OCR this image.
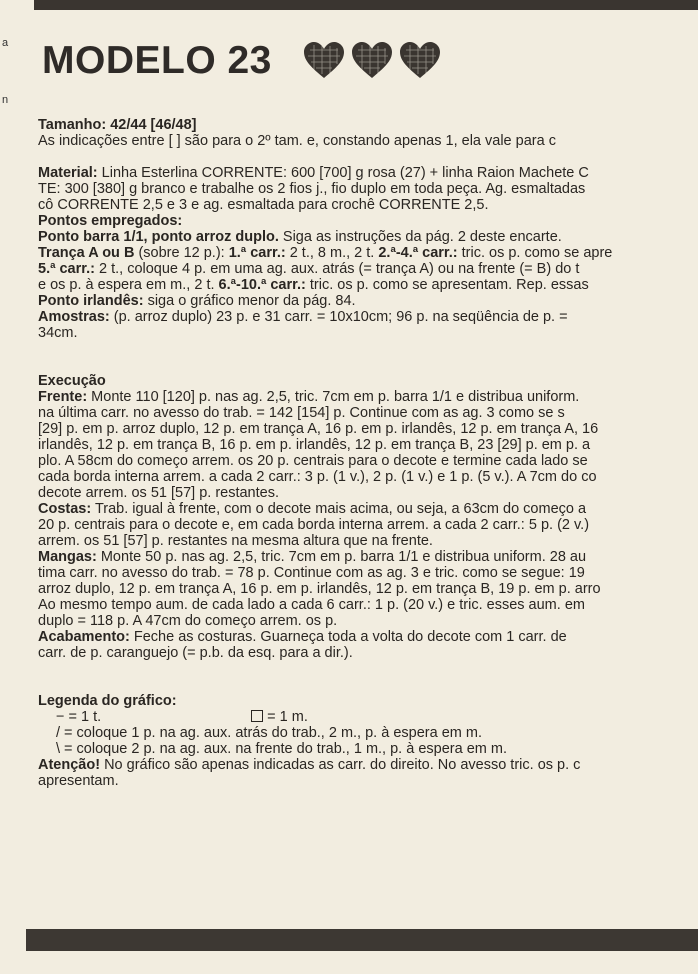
a
n
MODELO 23
Tamanho: 42/44 [46/48]
As indicações entre [ ] são para o 2º tam. e, constando apenas 1, ela vale para c
Material: Linha Esterlina CORRENTE: 600 [700] g rosa (27) + linha Raion Machete C
TE: 300 [380] g branco e trabalhe os 2 fios j., fio duplo em toda peça. Ag. esmaltadas
cô CORRENTE 2,5 e 3 e ag. esmaltada para crochê CORRENTE 2,5.
Pontos empregados:
Ponto barra 1/1, ponto arroz duplo. Siga as instruções da pág. 2 deste encarte.
Trança A ou B (sobre 12 p.): 1.ª carr.: 2 t., 8 m., 2 t. 2.ª-4.ª carr.: tric. os p. como se apre
5.ª carr.: 2 t., coloque 4 p. em uma ag. aux. atrás (= trança A) ou na frente (= B) do t
e os p. à espera em m., 2 t. 6.ª-10.ª carr.: tric. os p. como se apresentam. Rep. essas
Ponto irlandês: siga o gráfico menor da pág. 84.
Amostras: (p. arroz duplo) 23 p. e 31 carr. = 10x10cm; 96 p. na seqüência de p. =
34cm.
Execução
Frente: Monte 110 [120] p. nas ag. 2,5, tric. 7cm em p. barra 1/1 e distribua uniform.
na última carr. no avesso do trab. = 142 [154] p. Continue com as ag. 3 como se s
[29] p. em p. arroz duplo, 12 p. em trança A, 16 p. em p. irlandês, 12 p. em trança A, 16
irlandês, 12 p. em trança B, 16 p. em p. irlandês, 12 p. em trança B, 23 [29] p. em p. a
plo. A 58cm do começo arrem. os 20 p. centrais para o decote e termine cada lado se
cada borda interna arrem. a cada 2 carr.: 3 p. (1 v.), 2 p. (1 v.) e 1 p. (5 v.). A 7cm do co
decote arrem. os 51 [57] p. restantes.
Costas: Trab. igual à frente, com o decote mais acima, ou seja, a 63cm do começo a
20 p. centrais para o decote e, em cada borda interna arrem. a cada 2 carr.: 5 p. (2 v.)
arrem. os 51 [57] p. restantes na mesma altura que na frente.
Mangas: Monte 50 p. nas ag. 2,5, tric. 7cm em p. barra 1/1 e distribua uniform. 28 au
tima carr. no avesso do trab. = 78 p. Continue com as ag. 3 e tric. como se segue: 19
arroz duplo, 12 p. em trança A, 16 p. em p. irlandês, 12 p. em trança B, 19 p. em p. arro
Ao mesmo tempo aum. de cada lado a cada 6 carr.: 1 p. (20 v.) e tric. esses aum. em
duplo = 118 p. A 47cm do começo arrem. os p.
Acabamento: Feche as costuras. Guarneça toda a volta do decote com 1 carr. de
carr. de p. caranguejo (= p.b. da esq. para a dir.).
Legenda do gráfico:
− = 1 t.	= 1 m.
/ = coloque 1 p. na ag. aux. atrás do trab., 2 m., p. à espera em m.
\ = coloque 2 p. na ag. aux. na frente do trab., 1 m., p. à espera em m.
Atenção! No gráfico são apenas indicadas as carr. do direito. No avesso tric. os p. c
apresentam.
